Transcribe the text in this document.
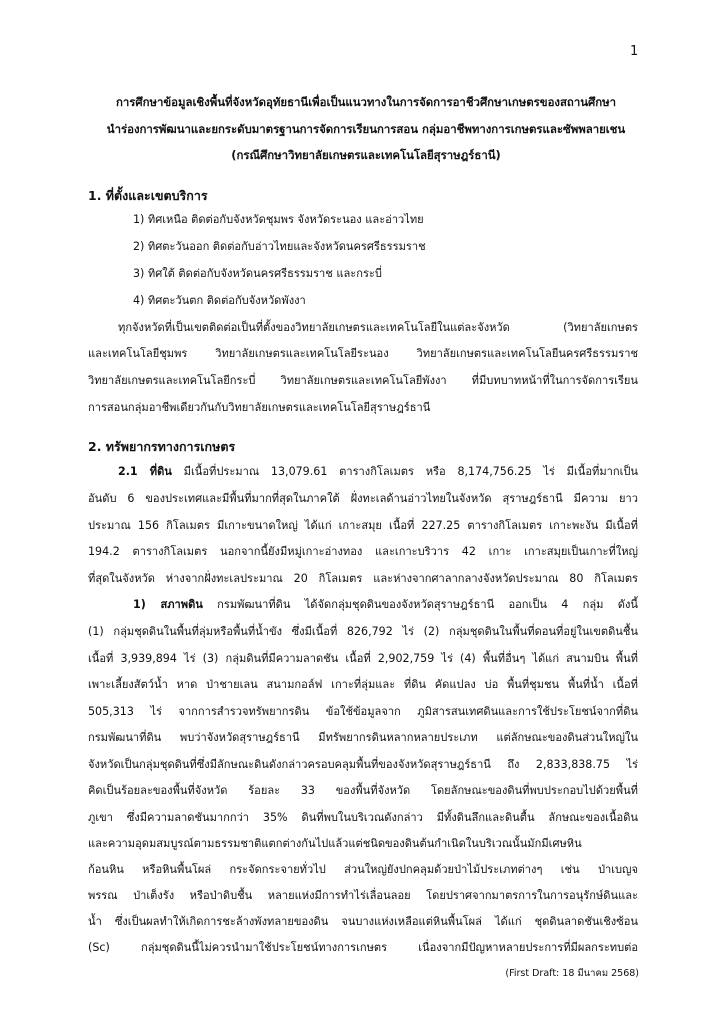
1
การศึกษาข้อมูลเชิงพื้นที่จังหวัดอุทัยธานีเพื่อเป็นแนวทางในการจัดการอาชีวศึกษาเกษตรของสถานศึกษา
นำร่องการพัฒนาและยกระดับมาตรฐานการจัดการเรียนการสอน กลุ่มอาชีพทางการเกษตรและซัพพลายเชน
(กรณีศึกษาวิทยาลัยเกษตรและเทคโนโลยีสุราษฎร์ธานี)
1. ที่ตั้งและเขตบริการ
1) ทิศเหนือ ติดต่อกับจังหวัดชุมพร จังหวัดระนอง และอ่าวไทย
2) ทิศตะวันออก ติดต่อกับอ่าวไทยและจังหวัดนครศรีธรรมราช
3) ทิศใต้ ติดต่อกับจังหวัดนครศรีธรรมราช และกระบี่
4) ทิศตะวันตก ติดต่อกับจังหวัดพังงา
ทุกจังหวัดที่เป็นเขตติดต่อเป็นที่ตั้งของวิทยาลัยเกษตรและเทคโนโลยีในแต่ละจังหวัด (วิทยาลัยเกษตร
และเทคโนโลยีชุมพร วิทยาลัยเกษตรและเทคโนโลยีระนอง วิทยาลัยเกษตรและเทคโนโลยีนครศรีธรรมราช
วิทยาลัยเกษตรและเทคโนโลยีกระบี่ วิทยาลัยเกษตรและเทคโนโลยีพังงา ที่มีบทบาทหน้าที่ในการจัดการเรียน
การสอนกลุ่มอาชีพเดียวกันกับวิทยาลัยเกษตรและเทคโนโลยีสุราษฎร์ธานี
2. ทรัพยากรทางการเกษตร
2.1 ที่ดิน มีเนื้อที่ประมาณ 13,079.61 ตารางกิโลเมตร หรือ 8,174,756.25 ไร่ มีเนื้อที่มากเป็น
อันดับ 6 ของประเทศและมีพื้นที่มากที่สุดในภาคใต้ ฝั่งทะเลด้านอ่าวไทยในจังหวัด สุราษฎร์ธานี มีความ ยาว
ประมาณ 156 กิโลเมตร มีเกาะขนาดใหญ่ ได้แก่ เกาะสมุย เนื้อที่ 227.25 ตารางกิโลเมตร เกาะพะงัน มีเนื้อที่
194.2 ตารางกิโลเมตร นอกจากนี้ยังมีหมู่เกาะอ่างทอง และเกาะบริวาร 42 เกาะ เกาะสมุยเป็นเกาะที่ใหญ่
ที่สุดในจังหวัด ห่างจากฝั่งทะเลประมาณ 20 กิโลเมตร และห่างจากศาลากลางจังหวัดประมาณ 80 กิโลเมตร
1) สภาพดิน กรมพัฒนาที่ดิน ได้จัดกลุ่มชุดดินของจังหวัดสุราษฎร์ธานี ออกเป็น 4 กลุ่ม ดังนี้
(1) กลุ่มชุดดินในพื้นที่ลุ่มหรือพื้นที่น้ำขัง ซึ่งมีเนื้อที่ 826,792 ไร่ (2) กลุ่มชุดดินในพื้นที่ดอนที่อยู่ในเขตดินชื้น
เนื้อที่ 3,939,894 ไร่ (3) กลุ่มดินที่มีความลาดชัน เนื้อที่ 2,902,759 ไร่ (4) พื้นที่อื่นๆ ได้แก่ สนามบิน พื้นที่
เพาะเลี้ยงสัตว์น้ำ หาด ป่าชายเลน สนามกอล์ฟ เกาะที่ลุ่มและ ที่ดิน คัดแปลง บ่อ พื้นที่ชุมชน พื้นที่น้ำ เนื้อที่
505,313 ไร่ จากการสำรวจทรัพยากรดิน ข้อใช้ข้อมูลจาก ภูมิสารสนเทศดินและการใช้ประโยชน์จากที่ดิน
กรมพัฒนาที่ดิน พบว่าจังหวัดสุราษฎร์ธานี มีทรัพยากรดินหลากหลายประเภท แต่ลักษณะของดินส่วนใหญ่ใน
จังหวัดเป็นกลุ่มชุดดินที่ซึ่งมีลักษณะดินดังกล่าวครอบคลุมพื้นที่ของจังหวัดสุราษฎร์ธานี ถึง 2,833,838.75 ไร่
คิดเป็นร้อยละของพื้นที่จังหวัด ร้อยละ 33 ของพื้นที่จังหวัด โดยลักษณะของดินที่พบประกอบไปด้วยพื้นที่
ภูเขา ซึ่งมีความลาดชันมากกว่า 35% ดินที่พบในบริเวณดังกล่าว มีทั้งดินลึกและดินตื้น ลักษณะของเนื้อดิน
และความอุดมสมบูรณ์ตามธรรมชาติแตกต่างกันไปแล้วแต่ชนิดของดินต้นกำเนิดในบริเวณนั้นมักมีเศษหิน
ก้อนหิน หรือหินพื้นโผล่ กระจัดกระจายทั่วไป ส่วนใหญ่ยังปกคลุมด้วยป่าไม้ประเภทต่างๆ เช่น ป่าเบญจ
พรรณ ป่าเต็งรัง หรือป่าดิบชื้น หลายแห่งมีการทำไร่เลื่อนลอย โดยปราศจากมาตรการในการอนุรักษ์ดินและ
น้ำ ซึ่งเป็นผลทำให้เกิดการชะล้างพังทลายของดิน จนบางแห่งเหลือแต่หินพื้นโผล่ ได้แก่ ชุดดินลาดชันเชิงซ้อน
(Sc) กลุ่มชุดดินนี้ไม่ควรนำมาใช้ประโยชน์ทางการเกษตร เนื่องจากมีปัญหาหลายประการที่มีผลกระทบต่อ
(First Draft: 18 มีนาคม 2568)
